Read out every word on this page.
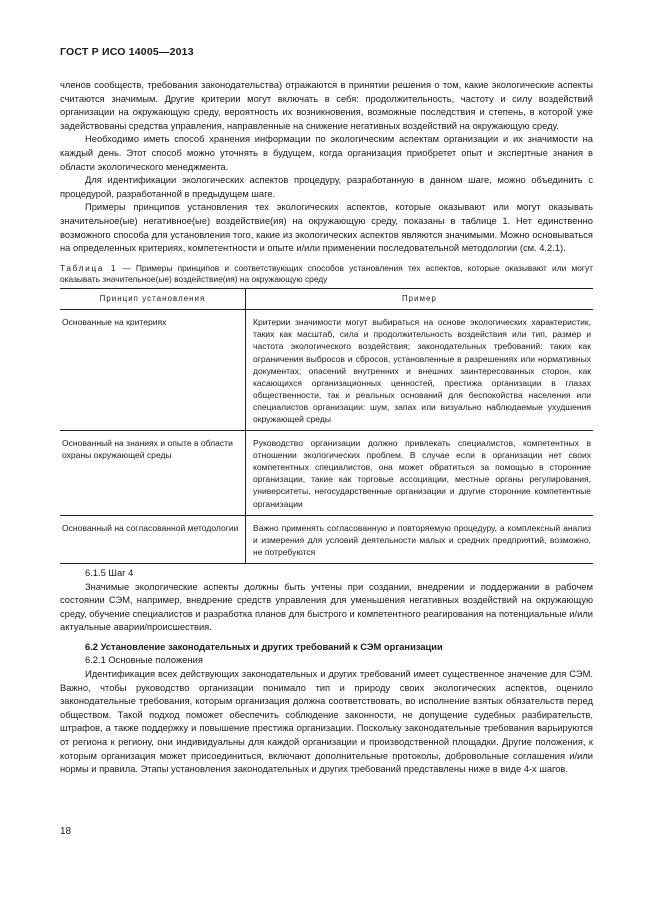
ГОСТ Р ИСО 14005—2013

членов сообществ, требования законодательства) отражаются в принятии решения о том, какие экологические аспекты считаются значимым. Другие критерии могут включать в себя: продолжительность, частоту и силу воздействий организации на окружающую среду, вероятность их возникновения, возможные последствия и степень, в которой уже задействованы средства управления, направленные на снижение негативных воздействий на окружающую среду.

Необходимо иметь способ хранения информации по экологическим аспектам организации и их значимости на каждый день. Этот способ можно уточнять в будущем, когда организация приобретет опыт и экспертные знания в области экологического менеджмента.

Для идентификации экологических аспектов процедуру, разработанную в данном шаге, можно объединить с процедурой, разработанной в предыдущем шаге.

Примеры принципов установления тех экологических аспектов, которые оказывают или могут оказывать значительное(ые) негативное(ые) воздействие(ия) на окружающую среду, показаны в таблице 1. Нет единственно возможного способа для установления того, какие из экологических аспектов являются значимыми. Можно основываться на определенных критериях, компетентности и опыте и/или применении последовательной методологии (см. 4.2.1).

Таблица 1 — Примеры принципов и соответствующих способов установления тех аспектов, которые оказывают или могут оказывать значительное(ые) воздействие(ия) на окружающую среду

Принцип установления	Пример
Основанные на критериях	Критерии значимости могут выбираться на основе экологических характеристик, таких как масштаб, сила и продолжительность воздействия или тип, размер и частота экологического воздействия; законодательных требований: таких как ограничения выбросов и сбросов, установленные в разрешениях или нормативных документах; опасений внутренних и внешних заинтересованных сторон, как касающихся организационных ценностей, престижа организации в глазах общественности, так и реальных оснований для беспокойства населения или специалистов организации: шум, запах или визуально наблюдаемые ухудшения окружающей среды
Основанный на знаниях и опыте в области охраны окружающей среды	Руководство организации должно привлекать специалистов, компетентных в отношении экологических проблем. В случае если в организации нет своих компетентных специалистов, она может обратиться за помощью в сторонние организации, такие как торговые ассоциации, местные органы регулирования, университеты, негосударственные организации и другие сторонние компетентные организации
Основанный на согласованной методологии	Важно применять согласованную и повторяемую процедуру, а комплексный анализ и измерения для условий деятельности малых и средних предприятий, возможно, не потребуются

6.1.5 Шаг 4

Значимые экологические аспекты должны быть учтены при создании, внедрении и поддержании в рабочем состоянии СЭМ, например, внедрение средств управления для уменьшения негативных воздействий на окружающую среду, обучение специалистов и разработка планов для быстрого и компетентного реагирования на потенциальные и/или актуальные аварии/происшествия.

6.2 Установление законодательных и других требований к СЭМ организации

6.2.1 Основные положения

Идентификация всех действующих законодательных и других требований имеет существенное значение для СЭМ. Важно, чтобы руководство организации понимало тип и природу своих экологических аспектов, оценило законодательные требования, которым организация должна соответствовать, во исполнение взятых обязательств перед обществом. Такой подход поможет обеспечить соблюдение законности, не допущение судебных разбирательств, штрафов, а также поддержку и повышение престижа организации. Поскольку законодательные требования варьируются от региона к региону, они индивидуальны для каждой организации и производственной площадки. Другие положения, к которым организация может присоединиться, включают дополнительные протоколы, добровольные соглашения и/или нормы и правила. Этапы установления законодательных и других требований представлены ниже в виде 4-х шагов.

18
